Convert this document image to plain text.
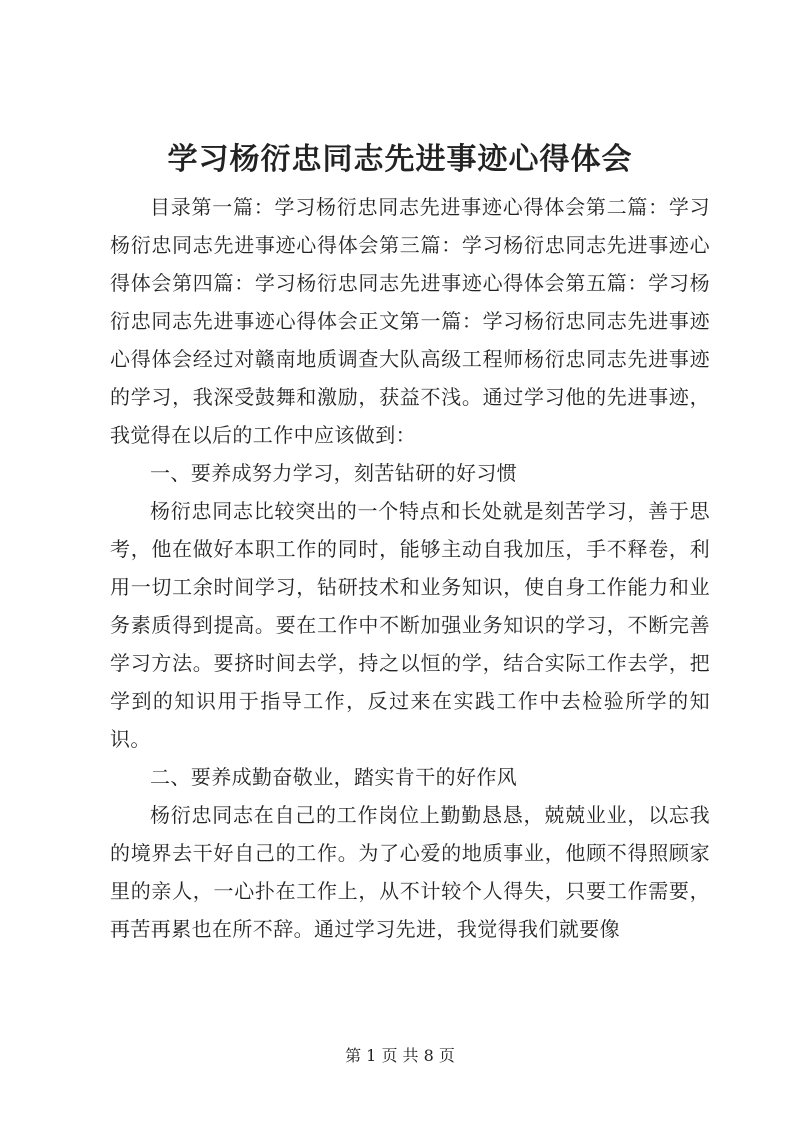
学习杨衍忠同志先进事迹心得体会

目录第一篇：学习杨衍忠同志先进事迹心得体会第二篇：学习杨衍忠同志先进事迹心得体会第三篇：学习杨衍忠同志先进事迹心得体会第四篇：学习杨衍忠同志先进事迹心得体会第五篇：学习杨衍忠同志先进事迹心得体会正文第一篇：学习杨衍忠同志先进事迹心得体会经过对赣南地质调查大队高级工程师杨衍忠同志先进事迹的学习，我深受鼓舞和激励，获益不浅。通过学习他的先进事迹，我觉得在以后的工作中应该做到：

一、要养成努力学习，刻苦钻研的好习惯

杨衍忠同志比较突出的一个特点和长处就是刻苦学习，善于思考，他在做好本职工作的同时，能够主动自我加压，手不释卷，利用一切工余时间学习，钻研技术和业务知识，使自身工作能力和业务素质得到提高。要在工作中不断加强业务知识的学习，不断完善学习方法。要挤时间去学，持之以恒的学，结合实际工作去学，把学到的知识用于指导工作，反过来在实践工作中去检验所学的知识。

二、要养成勤奋敬业，踏实肯干的好作风

杨衍忠同志在自己的工作岗位上勤勤恳恳，兢兢业业，以忘我的境界去干好自己的工作。为了心爱的地质事业，他顾不得照顾家里的亲人，一心扑在工作上，从不计较个人得失，只要工作需要，再苦再累也在所不辞。通过学习先进，我觉得我们就要像

第 1 页 共 8 页
